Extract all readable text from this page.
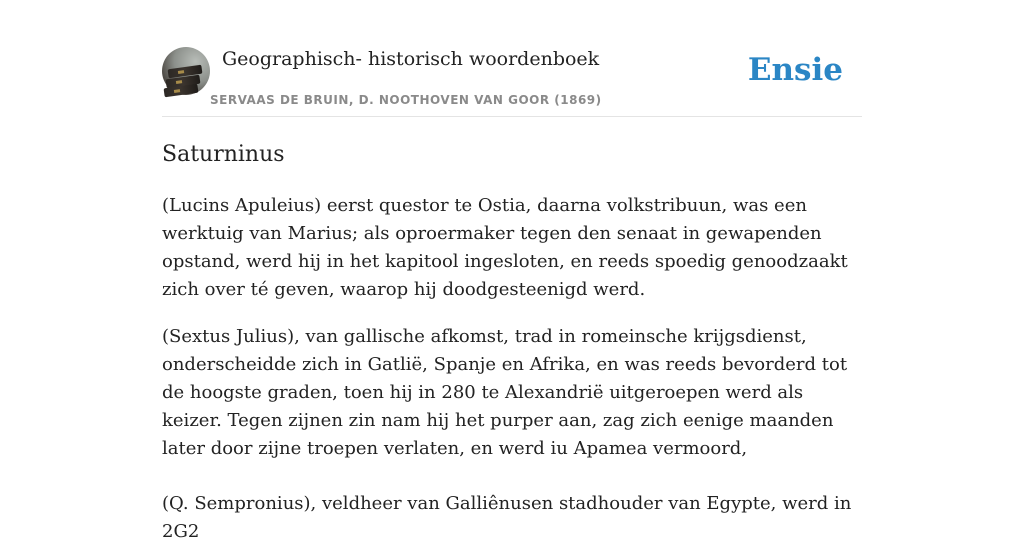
Geographisch- historisch woordenboek
SERVAAS DE BRUIN, D. NOOTHOVEN VAN GOOR (1869)
Ensie
Saturninus

(Lucins Apuleius) eerst questor te Ostia, daarna volkstribuun, was een werktuig van Marius; als oproermaker tegen den senaat in gewapenden opstand, werd hij in het kapitool ingesloten, en reeds spoedig genoodzaakt zich over té geven, waarop hij doodgesteenigd werd.

(Sextus Julius), van gallische afkomst, trad in romeinsche krijgsdienst, onderscheidde zich in Gatlië, Spanje en Afrika, en was reeds bevorderd tot de hoogste graden, toen hij in 280 te Alexandrië uitgeroepen werd als keizer. Tegen zijnen zin nam hij het purper aan, zag zich eenige maanden later door zijne troepen verlaten, en werd iu Apamea vermoord,

(Q. Sempronius), veldheer van Galliênusen stadhouder van Egypte, werd in 2G2
